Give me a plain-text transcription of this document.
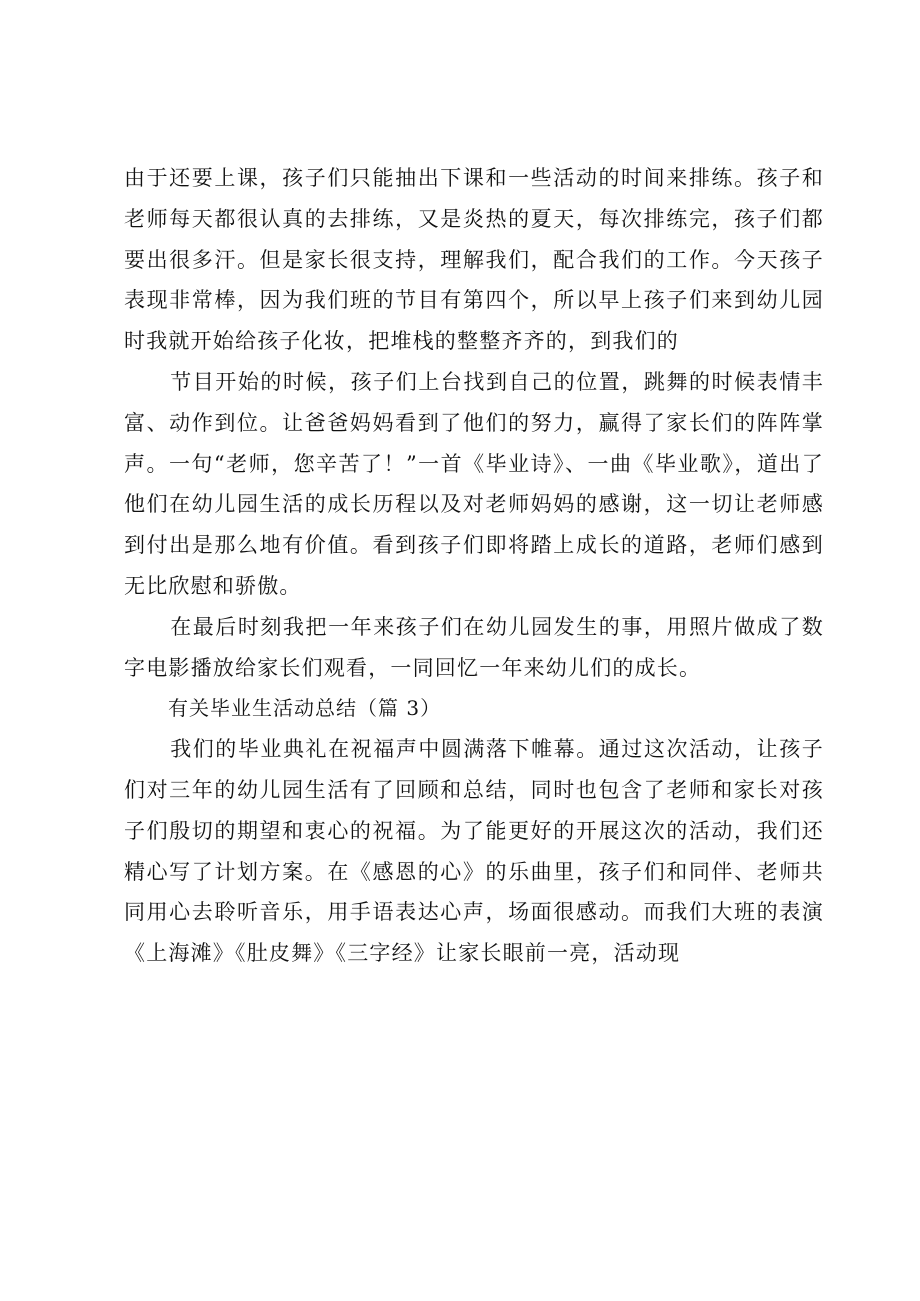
由于还要上课，孩子们只能抽出下课和一些活动的时间来排练。孩子和老师每天都很认真的去排练，又是炎热的夏天，每次排练完，孩子们都要出很多汗。但是家长很支持，理解我们，配合我们的工作。今天孩子表现非常棒，因为我们班的节目有第四个，所以早上孩子们来到幼儿园时我就开始给孩子化妆，把堆栈的整整齐齐的，到我们的

节目开始的时候，孩子们上台找到自己的位置，跳舞的时候表情丰富、动作到位。让爸爸妈妈看到了他们的努力，赢得了家长们的阵阵掌声。一句“老师，您辛苦了！”一首《毕业诗》、一曲《毕业歌》，道出了他们在幼儿园生活的成长历程以及对老师妈妈的感谢，这一切让老师感到付出是那么地有价值。看到孩子们即将踏上成长的道路，老师们感到无比欣慰和骄傲。

在最后时刻我把一年来孩子们在幼儿园发生的事，用照片做成了数字电影播放给家长们观看，一同回忆一年来幼儿们的成长。

有关毕业生活动总结（篇 3）

我们的毕业典礼在祝福声中圆满落下帷幕。通过这次活动，让孩子们对三年的幼儿园生活有了回顾和总结，同时也包含了老师和家长对孩子们殷切的期望和衷心的祝福。为了能更好的开展这次的活动，我们还精心写了计划方案。在《感恩的心》的乐曲里，孩子们和同伴、老师共同用心去聆听音乐，用手语表达心声，场面很感动。而我们大班的表演《上海滩》《肚皮舞》《三字经》让家长眼前一亮，活动现
